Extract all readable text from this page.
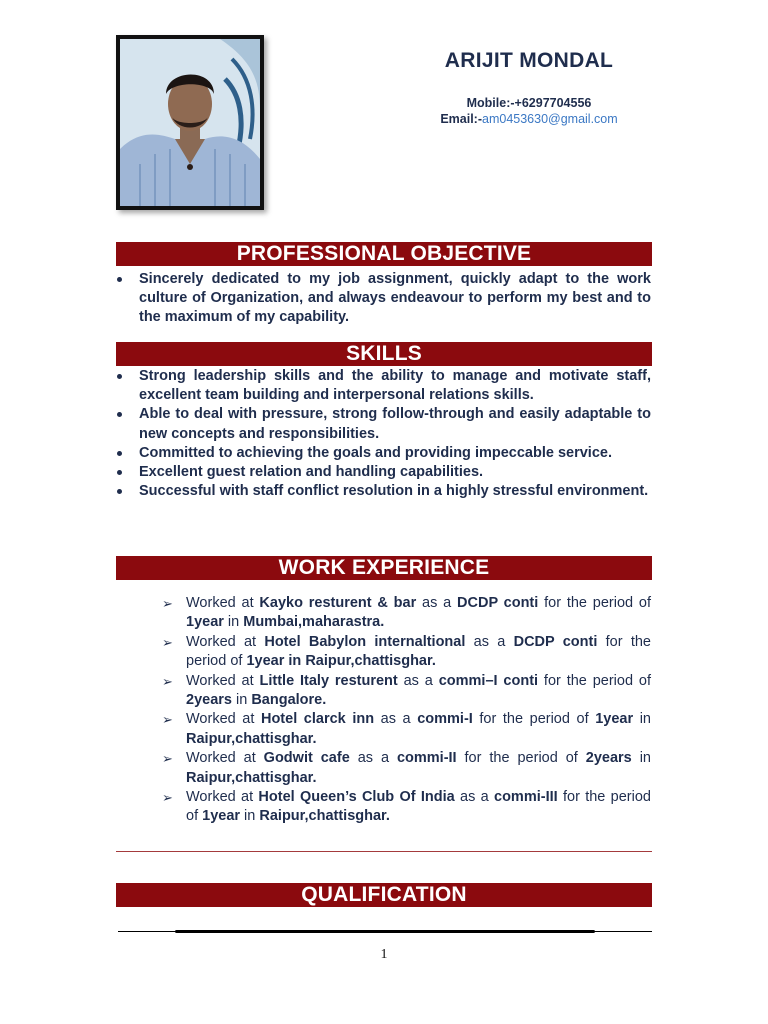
ARIJIT MONDAL
Mobile:-+6297704556
Email:-am0453630@gmail.com
PROFESSIONAL OBJECTIVE
Sincerely dedicated to my job assignment, quickly adapt to the work culture of Organization, and always endeavour to perform my best and to the maximum of my capability.
SKILLS
Strong leadership skills and the ability to manage and motivate staff, excellent team building and interpersonal relations skills.
Able to deal with pressure, strong follow-through and easily adaptable to new concepts and responsibilities.
Committed to achieving the goals and providing impeccable service.
Excellent guest relation and handling capabilities.
Successful with staff conflict resolution in a highly stressful environment.
WORK EXPERIENCE
➢ Worked at Kayko resturent & bar as a DCDP conti for the period of 1year in Mumbai,maharastra.
➢ Worked at Hotel Babylon internaltional as a DCDP conti for the period of 1year in Raipur,chattisghar.
➢ Worked at Little Italy resturent as a commi–I conti for the period of 2years in Bangalore.
➢ Worked at Hotel clarck inn as a commi-I for the period of 1year in Raipur,chattisghar.
➢ Worked at Godwit cafe as a commi-II for the period of 2years in Raipur,chattisghar.
➢ Worked at Hotel Queen’s Club Of India as a commi-III for the period of 1year in Raipur,chattisghar.
QUALIFICATION
1
